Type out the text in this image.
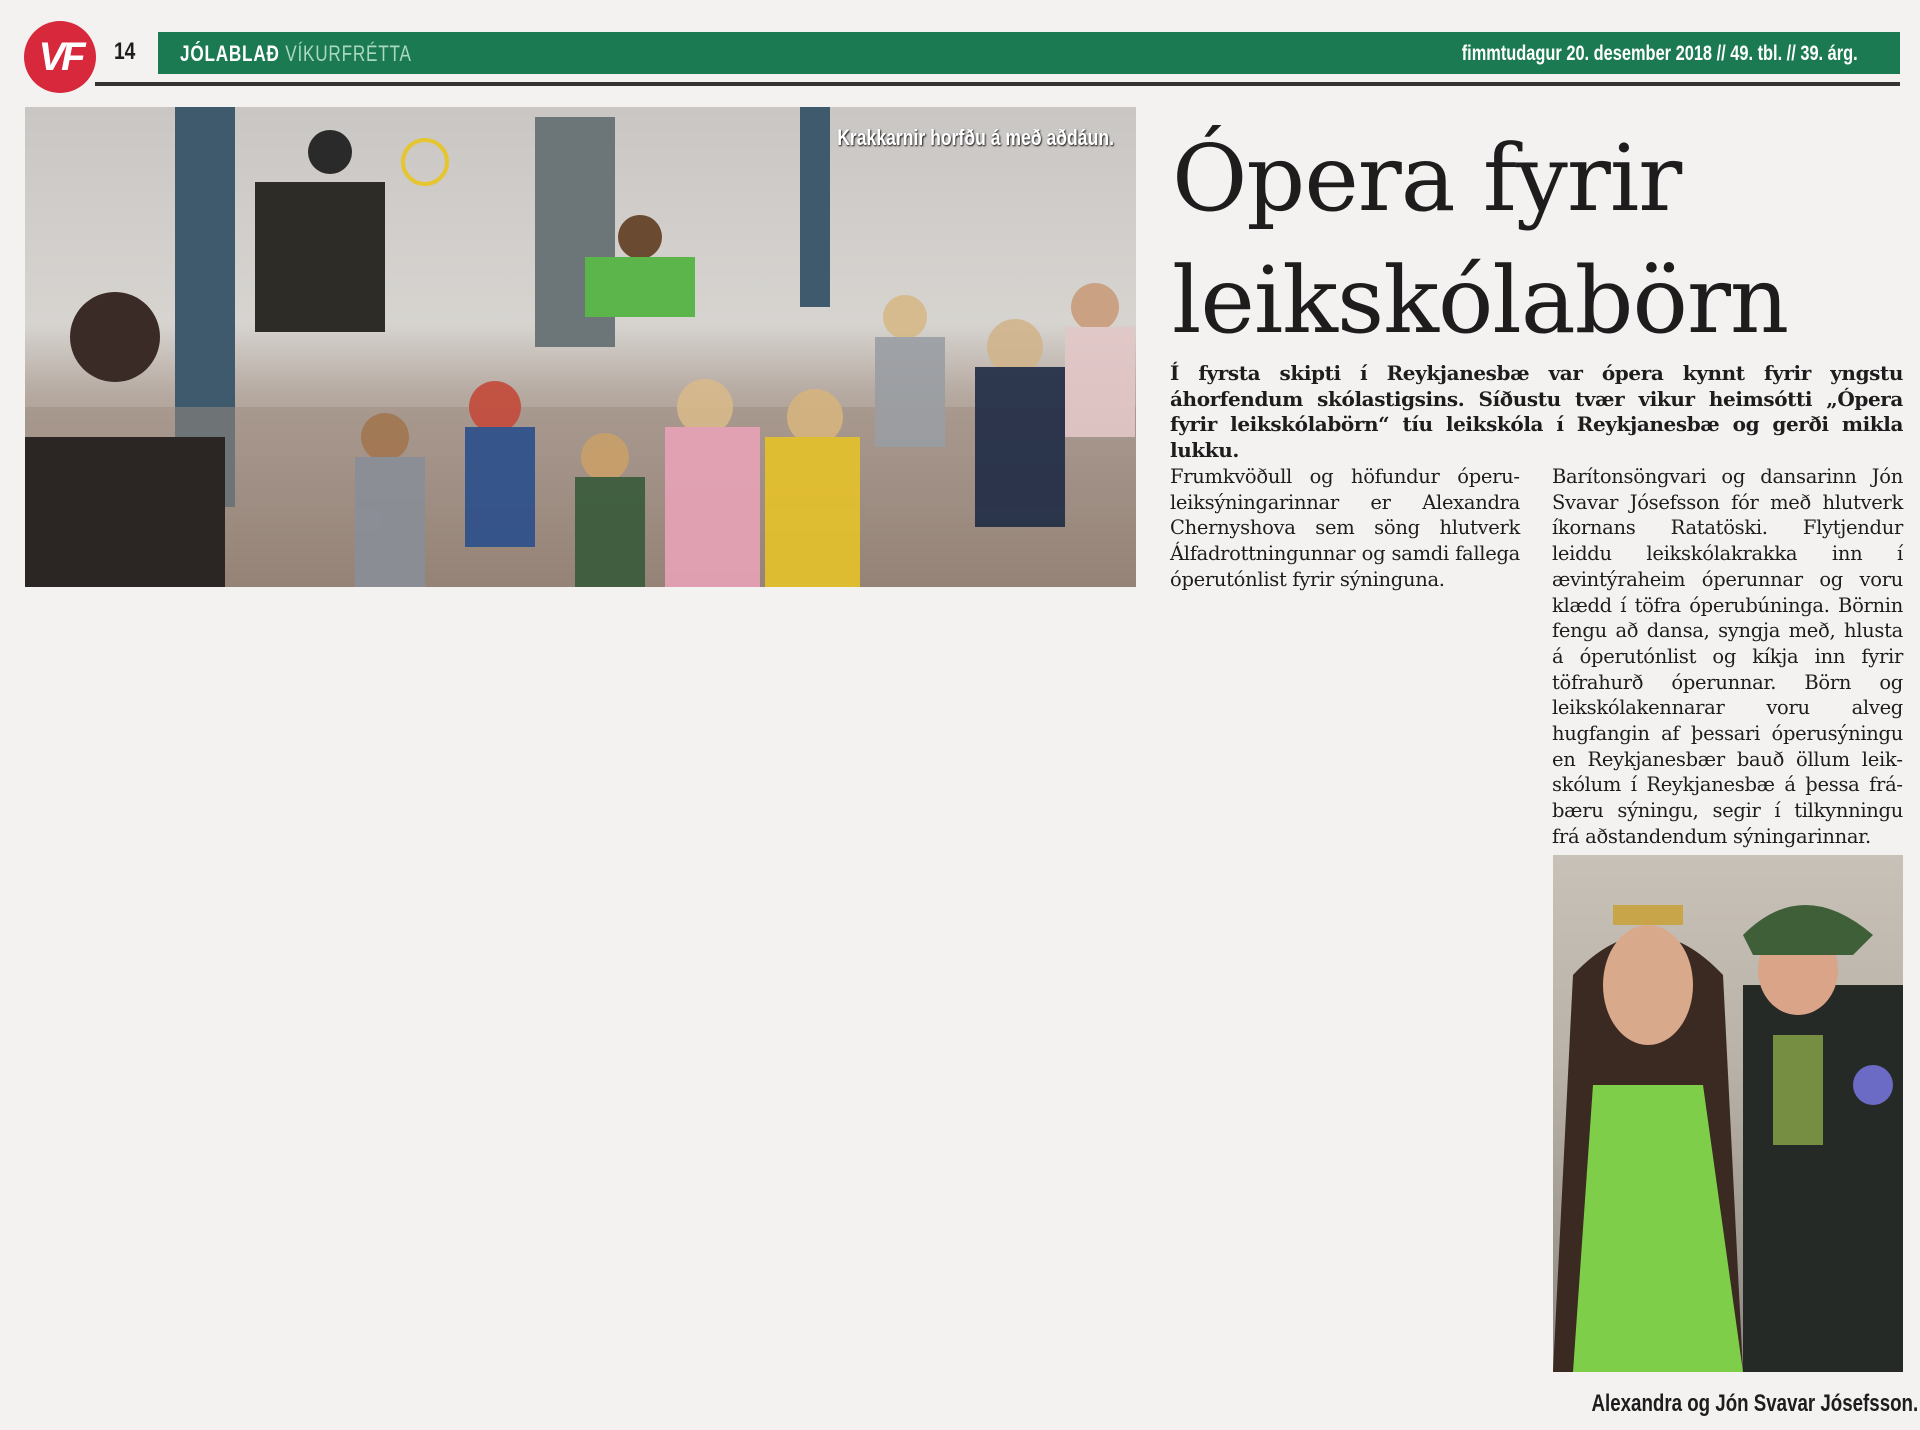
VF	14 JÓLABLAÐ VÍKURFRÉTTA	fimmtudagur 20. desember 2018 // 49. tbl. // 39. árg.
Krakkarnir horfðu á með aðdáun. Ópera fyrir
leikskólabörn
Í fyrsta skipti í Reykjanesbæ var ópera kynnt fyrir yngstu áhorfendum skólastigsins. Síðustu tvær vikur heimsótti „Ópera fyrir leikskólabörn“ tíu leikskóla í Reykjanesbæ og gerði mikla lukku.
Frumkvöðull og höfundur óperuleiksýningarinnar er Alexandra Chernyshova sem söng hlutverk Álfadrottningunnar og samdi fallega óperutónlist fyrir sýninguna.
Barítonsöngvari og dansarinn Jón Svavar Jósefsson fór með hlutverk íkornans Ratatöski. Flytjendur leiddu leikskólakrakka inn í ævintýraheim óperunnar og voru klædd í töfra óperubúninga. Börnin fengu að dansa, syngja með, hlusta á óperutónlist og kíkja inn fyrir töfrahurð óperunnar. Börn og leikskólakennarar voru alveg hugfangin af þessari óperusýningu en Reykjanesbær bauð öllum leikskólum í Reykjanesbæ á þessa frábæru sýningu, segir í tilkynningu frá aðstandendum sýningarinnar.
Alexandra og Jón Svavar Jósefsson.
